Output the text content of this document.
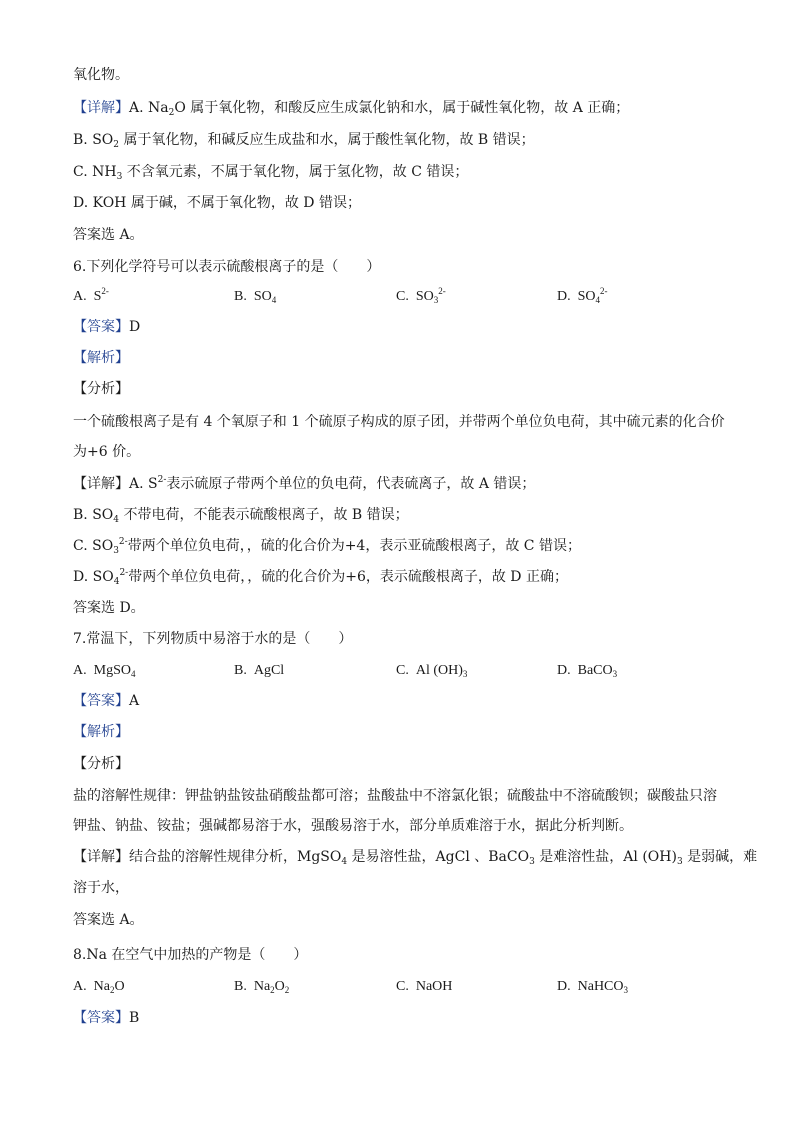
氧化物。
【详解】A. $Na_2O$ 属于氧化物，和酸反应生成氯化钠和水，属于碱性氧化物，故 A 正确；
B. $SO_2$ 属于氧化物，和碱反应生成盐和水，属于酸性氧化物，故 B 错误；
C. $NH_3$ 不含氧元素，不属于氧化物，属于氢化物，故 C 错误；
D. KOH 属于碱，不属于氧化物，故 D 错误；
答案选 A。
6.下列化学符号可以表示硫酸根离子的是（　　）
A. $S^{2-}$	B. $SO_4$	C. $SO_3^{2-}$	D. $SO_4^{2-}$
【答案】D
【解析】
【分析】
一个硫酸根离子是有 4 个氧原子和 1 个硫原子构成的原子团，并带两个单位负电荷，其中硫元素的化合价
为+6 价。
【详解】A. $S^{2-}$表示硫原子带两个单位的负电荷，代表硫离子，故 A 错误；
B. $SO_4$ 不带电荷，不能表示硫酸根离子，故 B 错误；
C. $SO_3^{2-}$带两个单位负电荷，，硫的化合价为+4，表示亚硫酸根离子，故 C 错误；
D. $SO_4^{2-}$带两个单位负电荷，，硫的化合价为+6，表示硫酸根离子，故 D 正确；
答案选 D。
7.常温下，下列物质中易溶于水的是（　　）
A. MgSO$_4$	B. AgCl	C. Al $(OH)_3$	D. BaCO$_3$
【答案】A
【解析】
【分析】
盐的溶解性规律：钾盐钠盐铵盐硝酸盐都可溶；盐酸盐中不溶氯化银；硫酸盐中不溶硫酸钡；碳酸盐只溶
钾盐、钠盐、铵盐；强碱都易溶于水，强酸易溶于水，部分单质难溶于水，据此分析判断。
【详解】结合盐的溶解性规律分析，MgSO$_4$ 是易溶性盐，AgCl 、BaCO$_3$ 是难溶性盐，Al $(OH)_3$ 是弱碱，难
溶于水，
答案选 A。
8.Na 在空气中加热的产物是（　　）
A. $Na_2O$	B. $Na_2O_2$	C. NaOH	D. NaHCO$_3$
【答案】B
